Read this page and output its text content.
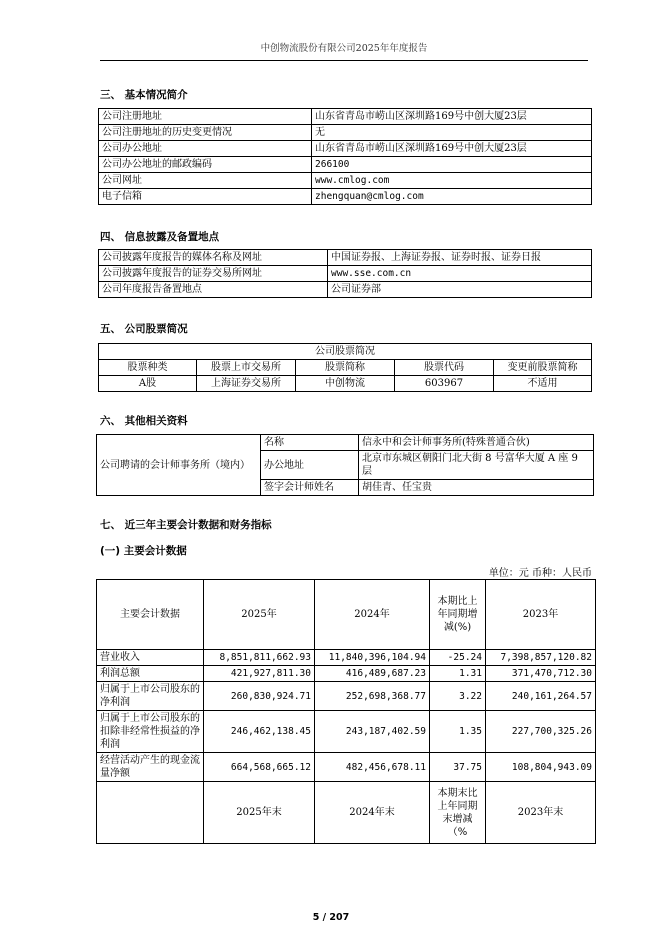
中创物流股份有限公司2025年年度报告
三、 基本情况简介
公司注册地址	山东省青岛市崂山区深圳路169号中创大厦23层
公司注册地址的历史变更情况	无
公司办公地址	山东省青岛市崂山区深圳路169号中创大厦23层
公司办公地址的邮政编码	266100
公司网址	www.cmlog.com
电子信箱	zhengquan@cmlog.com
四、 信息披露及备置地点
公司披露年度报告的媒体名称及网址	中国证券报、上海证券报、证券时报、证券日报
公司披露年度报告的证券交易所网址	www.sse.com.cn
公司年度报告备置地点	公司证券部
五、 公司股票简况
公司股票简况				
股票种类	股票上市交易所	股票简称	股票代码	变更前股票简称
A股	上海证券交易所	中创物流	603967	不适用
六、 其他相关资料
公司聘请的会计师事务所（境内）	名称	信永中和会计师事务所(特殊普通合伙)
	办公地址	北京市东城区朝阳门北大街 8 号富华大厦 A 座 9 层
	签字会计师姓名	胡佳青、任宝贵
七、 近三年主要会计数据和财务指标
(一) 主要会计数据
单位：元 币种：人民币
主要会计数据	2025年	2024年	本期比上年同期增减(%)	2023年
营业收入	8,851,811,662.93	11,840,396,104.94	-25.24	7,398,857,120.82
利润总额	421,927,811.30	416,489,687.23	1.31	371,470,712.30
归属于上市公司股东的净利润	260,830,924.71	252,698,368.77	3.22	240,161,264.57
归属于上市公司股东的扣除非经常性损益的净利润	246,462,138.45	243,187,402.59	1.35	227,700,325.26
经营活动产生的现金流量净额	664,568,665.12	482,456,678.11	37.75	108,804,943.09
	2025年末	2024年末	本期末比上年同期末增减（%	2023年末
5 / 207
